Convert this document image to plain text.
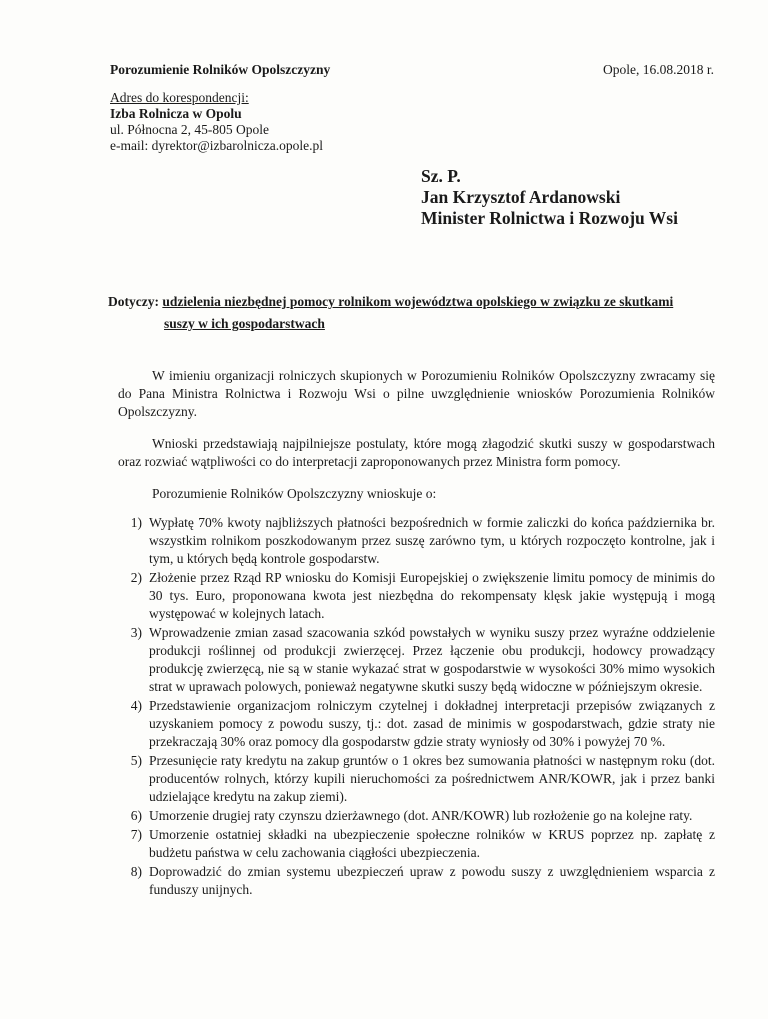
Porozumienie Rolników Opolszczyzny
Adres do korespondencji:
Izba Rolnicza w Opolu
ul. Północna 2, 45-805 Opole
e-mail: dyrektor@izbarolnicza.opole.pl
Opole, 16.08.2018 r.
Sz. P.
Jan Krzysztof Ardanowski
Minister Rolnictwa i Rozwoju Wsi
Dotyczy: udzielenia niezbędnej pomocy rolnikom województwa opolskiego w związku ze skutkami
suszy w ich gospodarstwach

W imieniu organizacji rolniczych skupionych w Porozumieniu Rolników Opolszczyzny zwracamy się do Pana Ministra Rolnictwa i Rozwoju Wsi o pilne uwzględnienie wniosków Porozumienia Rolników Opolszczyzny.

Wnioski przedstawiają najpilniejsze postulaty, które mogą złagodzić skutki suszy w gospodarstwach oraz rozwiać wątpliwości co do interpretacji zaproponowanych przez Ministra form pomocy.

Porozumienie Rolników Opolszczyzny wnioskuje o:

1) Wypłatę 70% kwoty najbliższych płatności bezpośrednich w formie zaliczki do końca października br. wszystkim rolnikom poszkodowanym przez suszę zarówno tym, u których rozpoczęto kontrolne, jak i tym, u których będą kontrole gospodarstw.
2) Złożenie przez Rząd RP wniosku do Komisji Europejskiej o zwiększenie limitu pomocy de minimis do 30 tys. Euro, proponowana kwota jest niezbędna do rekompensaty klęsk jakie występują i mogą występować w kolejnych latach.
3) Wprowadzenie zmian zasad szacowania szkód powstałych w wyniku suszy przez wyraźne oddzielenie produkcji roślinnej od produkcji zwierzęcej. Przez łączenie obu produkcji, hodowcy prowadzący produkcję zwierzęcą, nie są w stanie wykazać strat w gospodarstwie w wysokości 30% mimo wysokich strat w uprawach polowych, ponieważ negatywne skutki suszy będą widoczne w późniejszym okresie.
4) Przedstawienie organizacjom rolniczym czytelnej i dokładnej interpretacji przepisów związanych z uzyskaniem pomocy z powodu suszy, tj.: dot. zasad de minimis w gospodarstwach, gdzie straty nie przekraczają 30% oraz pomocy dla gospodarstw gdzie straty wyniosły od 30% i powyżej 70 %.
5) Przesunięcie raty kredytu na zakup gruntów o 1 okres bez sumowania płatności w następnym roku (dot. producentów rolnych, którzy kupili nieruchomości za pośrednictwem ANR/KOWR, jak i przez banki udzielające kredytu na zakup ziemi).
6) Umorzenie drugiej raty czynszu dzierżawnego (dot. ANR/KOWR) lub rozłożenie go na kolejne raty.
7) Umorzenie ostatniej składki na ubezpieczenie społeczne rolników w KRUS poprzez np. zapłatę z budżetu państwa w celu zachowania ciągłości ubezpieczenia.
8) Doprowadzić do zmian systemu ubezpieczeń upraw z powodu suszy z uwzględnieniem wsparcia z funduszy unijnych.
